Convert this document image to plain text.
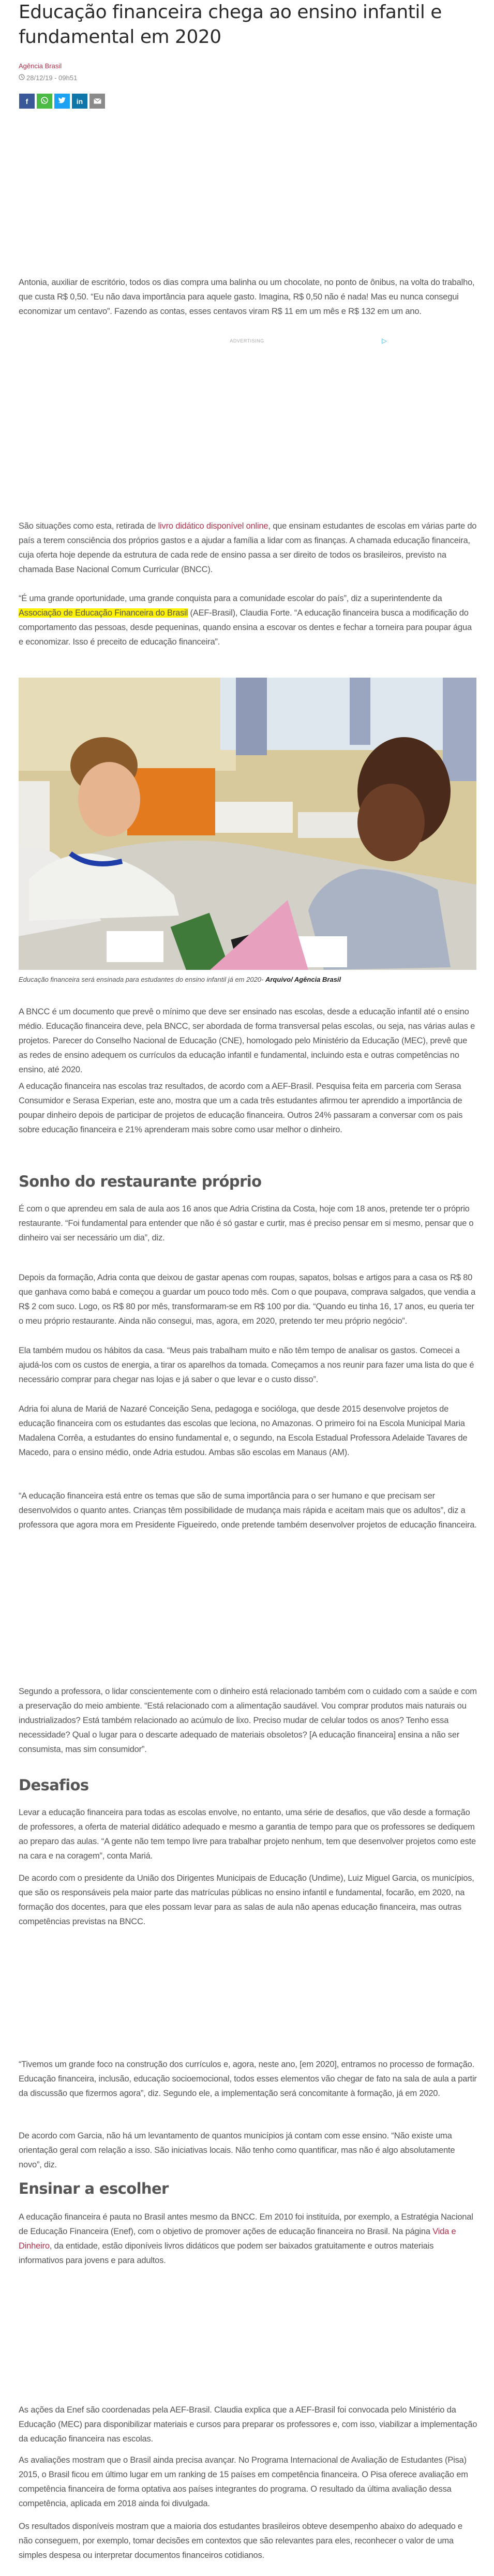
Educação financeira chega ao ensino infantil e fundamental em 2020
Agência Brasil
28/12/19 - 09h51
f	in

Antonia, auxiliar de escritório, todos os dias compra uma balinha ou um chocolate, no ponto de ônibus, na volta do trabalho, que custa R$ 0,50. “Eu não dava importância para aquele gasto. Imagina, R$ 0,50 não é nada! Mas eu nunca consegui economizar um centavo”. Fazendo as contas, esses centavos viram R$ 11 em um mês e R$ 132 em um ano.

ADVERTISING	▷

São situações como esta, retirada de livro didático disponível online, que ensinam estudantes de escolas em várias parte do país a terem consciência dos próprios gastos e a ajudar a família a lidar com as finanças. A chamada educação financeira, cuja oferta hoje depende da estrutura de cada rede de ensino passa a ser direito de todos os brasileiros, previsto na chamada Base Nacional Comum Curricular (BNCC).

“É uma grande oportunidade, uma grande conquista para a comunidade escolar do país”, diz a superintendente da Associação de Educação Financeira do Brasil (AEF-Brasil), Claudia Forte. “A educação financeira busca a modificação do comportamento das pessoas, desde pequeninas, quando ensina a escovar os dentes e fechar a torneira para poupar água e economizar. Isso é preceito de educação financeira”.

Educação financeira será ensinada para estudantes do ensino infantil já em 2020- Arquivo/ Agência Brasil

A BNCC é um documento que prevê o mínimo que deve ser ensinado nas escolas, desde a educação infantil até o ensino médio. Educação financeira deve, pela BNCC, ser abordada de forma transversal pelas escolas, ou seja, nas várias aulas e projetos. Parecer do Conselho Nacional de Educação (CNE), homologado pelo Ministério da Educação (MEC), prevê que as redes de ensino adequem os currículos da educação infantil e fundamental, incluindo esta e outras competências no ensino, até 2020.

A educação financeira nas escolas traz resultados, de acordo com a AEF-Brasil. Pesquisa feita em parceria com Serasa Consumidor e Serasa Experian, este ano, mostra que um a cada três estudantes afirmou ter aprendido a importância de poupar dinheiro depois de participar de projetos de educação financeira. Outros 24% passaram a conversar com os pais sobre educação financeira e 21% aprenderam mais sobre como usar melhor o dinheiro.

Sonho do restaurante próprio

É com o que aprendeu em sala de aula aos 16 anos que Adria Cristina da Costa, hoje com 18 anos, pretende ter o próprio restaurante. “Foi fundamental para entender que não é só gastar e curtir, mas é preciso pensar em si mesmo, pensar que o dinheiro vai ser necessário um dia”, diz.

Depois da formação, Adria conta que deixou de gastar apenas com roupas, sapatos, bolsas e artigos para a casa os R$ 80 que ganhava como babá e começou a guardar um pouco todo mês. Com o que poupava, comprava salgados, que vendia a R$ 2 com suco. Logo, os R$ 80 por mês, transformaram-se em R$ 100 por dia. “Quando eu tinha 16, 17 anos, eu queria ter o meu próprio restaurante. Ainda não consegui, mas, agora, em 2020, pretendo ter meu próprio negócio”.

Ela também mudou os hábitos da casa. “Meus pais trabalham muito e não têm tempo de analisar os gastos. Comecei a ajudá-los com os custos de energia, a tirar os aparelhos da tomada. Começamos a nos reunir para fazer uma lista do que é necessário comprar para chegar nas lojas e já saber o que levar e o custo disso”.

Adria foi aluna de Mariá de Nazaré Conceição Sena, pedagoga e socióloga, que desde 2015 desenvolve projetos de educação financeira com os estudantes das escolas que leciona, no Amazonas. O primeiro foi na Escola Municipal Maria Madalena Corrêa, a estudantes do ensino fundamental e, o segundo, na Escola Estadual Professora Adelaide Tavares de Macedo, para o ensino médio, onde Adria estudou. Ambas são escolas em Manaus (AM).

“A educação financeira está entre os temas que são de suma importância para o ser humano e que precisam ser desenvolvidos o quanto antes. Crianças têm possibilidade de mudança mais rápida e aceitam mais que os adultos”, diz a professora que agora mora em Presidente Figueiredo, onde pretende também desenvolver projetos de educação financeira.

Segundo a professora, o lidar conscientemente com o dinheiro está relacionado também com o cuidado com a saúde e com a preservação do meio ambiente. “Está relacionado com a alimentação saudável. Vou comprar produtos mais naturais ou industrializados? Está também relacionado ao acúmulo de lixo. Preciso mudar de celular todos os anos? Tenho essa necessidade? Qual o lugar para o descarte adequado de materiais obsoletos? [A educação financeira] ensina a não ser consumista, mas sim consumidor”.

Desafios

Levar a educação financeira para todas as escolas envolve, no entanto, uma série de desafios, que vão desde a formação de professores, a oferta de material didático adequado e mesmo a garantia de tempo para que os professores se dediquem ao preparo das aulas. “A gente não tem tempo livre para trabalhar projeto nenhum, tem que desenvolver projetos como este na cara e na coragem”, conta Mariá.

De acordo com o presidente da União dos Dirigentes Municipais de Educação (Undime), Luiz Miguel Garcia, os municípios, que são os responsáveis pela maior parte das matrículas públicas no ensino infantil e fundamental, focarão, em 2020, na formação dos docentes, para que eles possam levar para as salas de aula não apenas educação financeira, mas outras competências previstas na BNCC.

“Tivemos um grande foco na construção dos currículos e, agora, neste ano, [em 2020], entramos no processo de formação. Educação financeira, inclusão, educação socioemocional, todos esses elementos vão chegar de fato na sala de aula a partir da discussão que fizermos agora”, diz. Segundo ele, a implementação será concomitante à formação, já em 2020.

De acordo com Garcia, não há um levantamento de quantos municípios já contam com esse ensino. “Não existe uma orientação geral com relação a isso. São iniciativas locais. Não tenho como quantificar, mas não é algo absolutamente novo”, diz.

Ensinar a escolher

A educação financeira é pauta no Brasil antes mesmo da BNCC. Em 2010 foi instituída, por exemplo, a Estratégia Nacional de Educação Financeira (Enef), com o objetivo de promover ações de educação financeira no Brasil. Na página Vida e Dinheiro, da entidade, estão diponíveis livros didáticos que podem ser baixados gratuitamente e outros materiais informativos para jovens e para adultos.

As ações da Enef são coordenadas pela AEF-Brasil. Claudia explica que a AEF-Brasil foi convocada pelo Ministério da Educação (MEC) para disponibilizar materiais e cursos para preparar os professores e, com isso, viabilizar a implementação da educação financeira nas escolas.

As avaliações mostram que o Brasil ainda precisa avançar. No Programa Internacional de Avaliação de Estudantes (Pisa) 2015, o Brasil ficou em último lugar em um ranking de 15 países em competência financeira. O Pisa oferece avaliação em competência financeira de forma optativa aos países integrantes do programa. O resultado da última avaliação dessa competência, aplicada em 2018 ainda foi divulgada.

Os resultados disponíveis mostram que a maioria dos estudantes brasileiros obteve desempenho abaixo do adequado e não conseguem, por exemplo, tomar decisões em contextos que são relevantes para eles, reconhecer o valor de uma simples despesa ou interpretar documentos financeiros cotidianos.
